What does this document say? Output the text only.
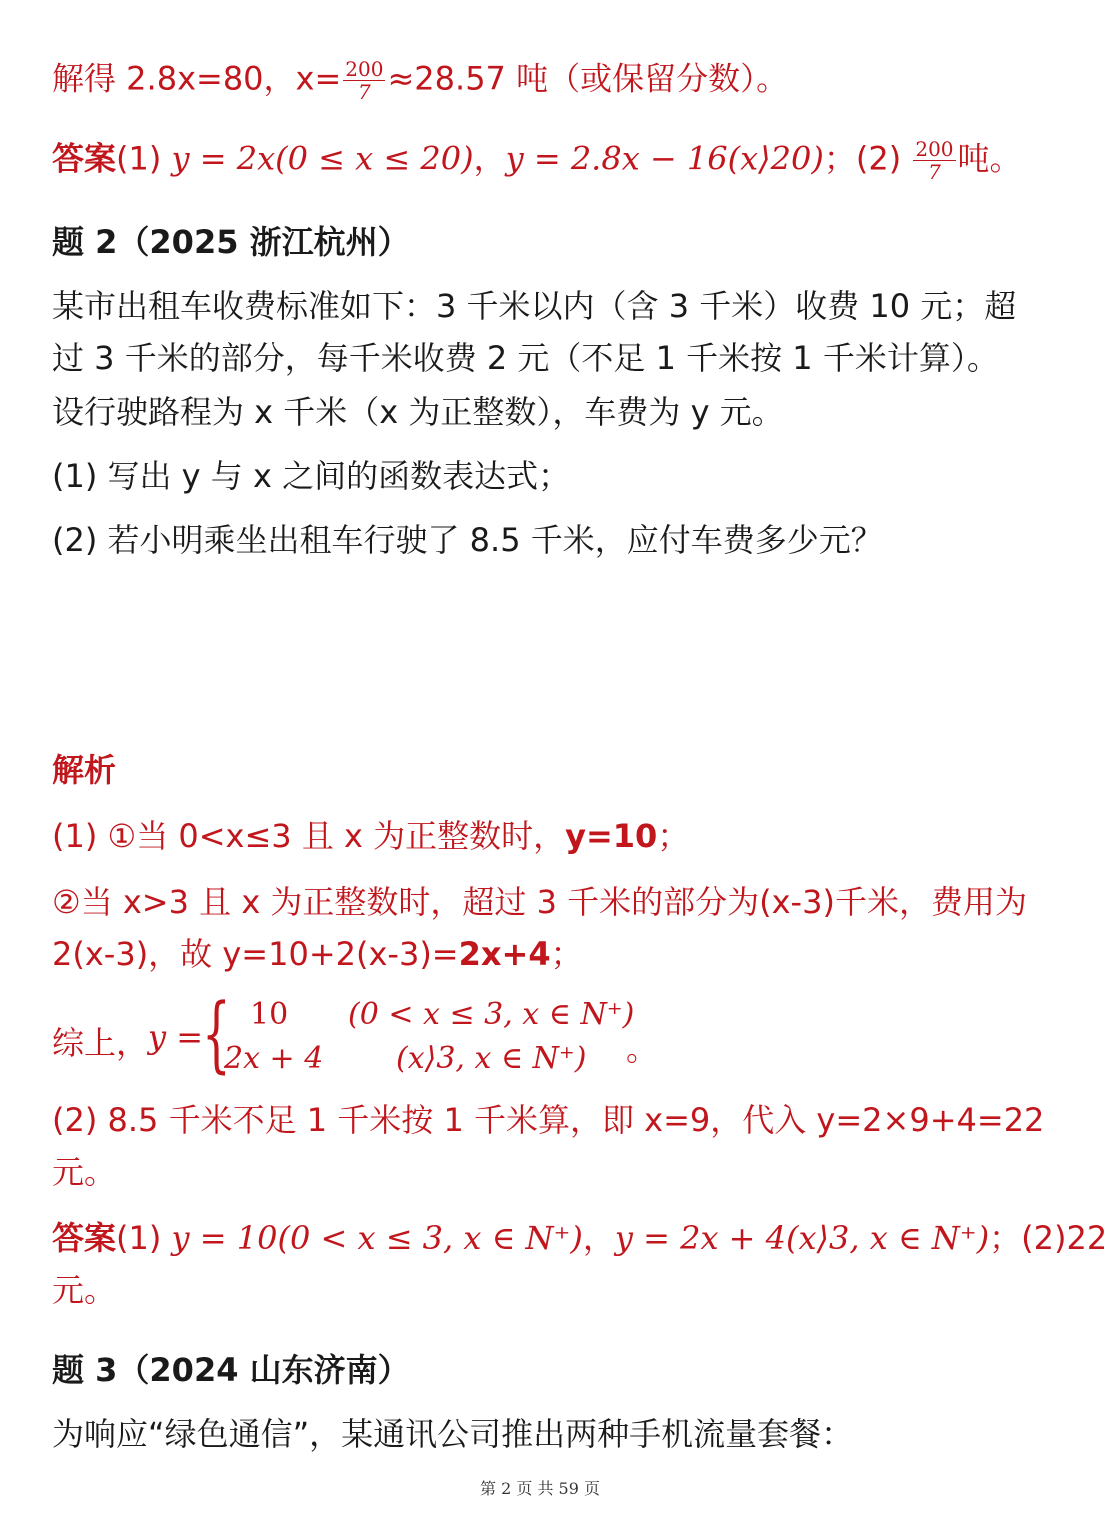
解得 2.8x=80，$x= \frac{200}{7} \approx 28.57$ 吨（或保留分数）。
答案(1) y = 2x(0 ≤ x ≤ 20)，y = 2.8x − 16(x⟩20)；$(2) \frac{200}{7}$ 吨。
题 2（2025 浙江杭州）
某市出租车收费标准如下：3 千米以内（含 3 千米）收费 10 元；超
过 3 千米的部分，每千米收费 2 元（不足 1 千米按 1 千米计算）。
设行驶路程为 x 千米（x 为正整数），车费为 y 元。
(1) 写出 y 与 x 之间的函数表达式；
(2) 若小明乘坐出租车行驶了 8.5 千米，应付车费多少元？
解析
(1) ①当 0<x≤3 且 x 为正整数时，y=10；
②当 x>3 且 x 为正整数时，超过 3 千米的部分为(x-3)千米，费用为
2(x-3)，故 y=10+2(x-3)=2x+4；
综上， y =
{ 10 (0 < x ≤ 3, x ∈ N⁺)
2x + 4 (x⟩3, x ∈ N⁺) 。
(2) 8.5 千米不足 1 千米按 1 千米算，即 x=9，代入 y=2×9+4=22
元。
答案(1) y = 10(0 < x ≤ 3, x ∈ N⁺)，y = 2x + 4(x⟩3, x ∈ N⁺)；(2)22
元。
题 3（2024 山东济南）
为响应“绿色通信”，某通讯公司推出两种手机流量套餐：
第 2 页 共 59 页
